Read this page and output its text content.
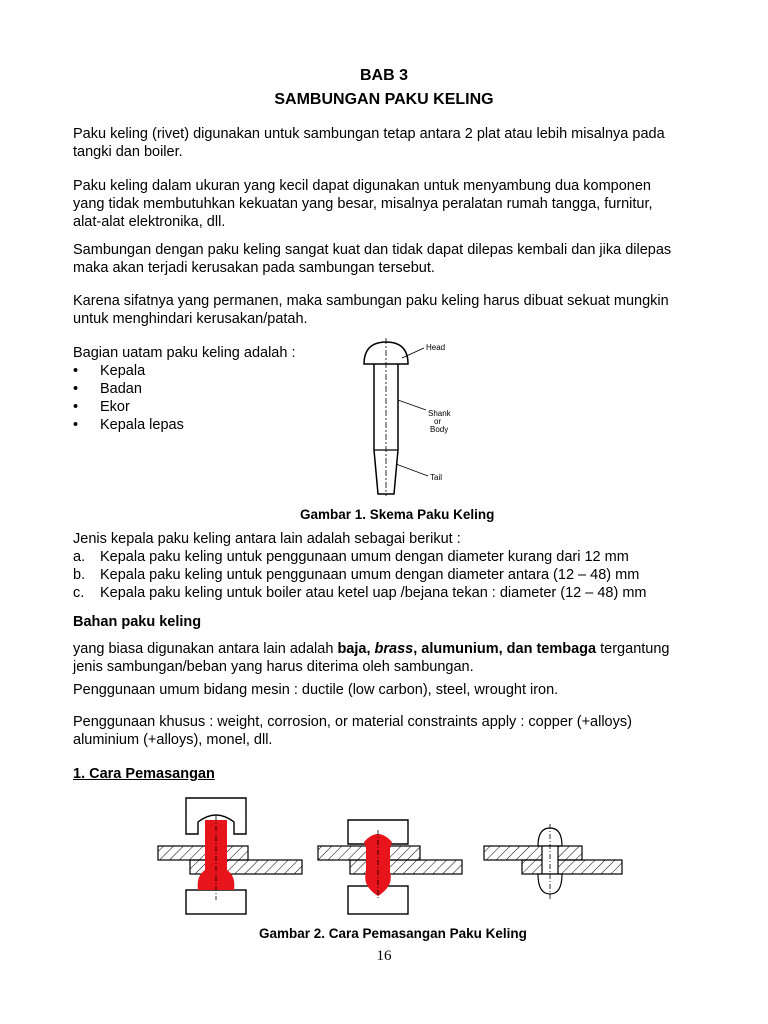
BAB 3
SAMBUNGAN PAKU KELING
Paku keling (rivet) digunakan untuk sambungan tetap antara 2 plat atau lebih misalnya pada
tangki dan boiler.
Paku keling dalam ukuran yang kecil dapat digunakan untuk menyambung dua komponen
yang tidak membutuhkan kekuatan yang besar, misalnya peralatan rumah tangga, furnitur,
alat-alat elektronika, dll.
Sambungan dengan paku keling sangat kuat dan tidak dapat dilepas kembali dan jika dilepas
maka akan terjadi kerusakan pada sambungan tersebut.
Karena sifatnya yang permanen, maka sambungan paku keling harus dibuat sekuat mungkin
untuk menghindari kerusakan/patah.
Bagian uatam paku keling adalah :
• Kepala
• Badan
• Ekor
• Kepala lepas
Head
Shank
or
Body
Tail
Gambar 1. Skema Paku Keling
Jenis kepala paku keling antara lain adalah sebagai berikut :
a. Kepala paku keling untuk penggunaan umum dengan diameter kurang dari 12 mm
b. Kepala paku keling untuk penggunaan umum dengan diameter antara (12 – 48) mm
c. Kepala paku keling untuk boiler atau ketel uap /bejana tekan : diameter (12 – 48) mm
Bahan paku keling
yang biasa digunakan antara lain adalah baja, brass, alumunium, dan tembaga tergantung
jenis sambungan/beban yang harus diterima oleh sambungan.
Penggunaan umum bidang mesin : ductile (low carbon), steel, wrought iron.
Penggunaan khusus : weight, corrosion, or material constraints apply : copper (+alloys)
aluminium (+alloys), monel, dll.
1. Cara Pemasangan
Gambar 2. Cara Pemasangan Paku Keling
16
